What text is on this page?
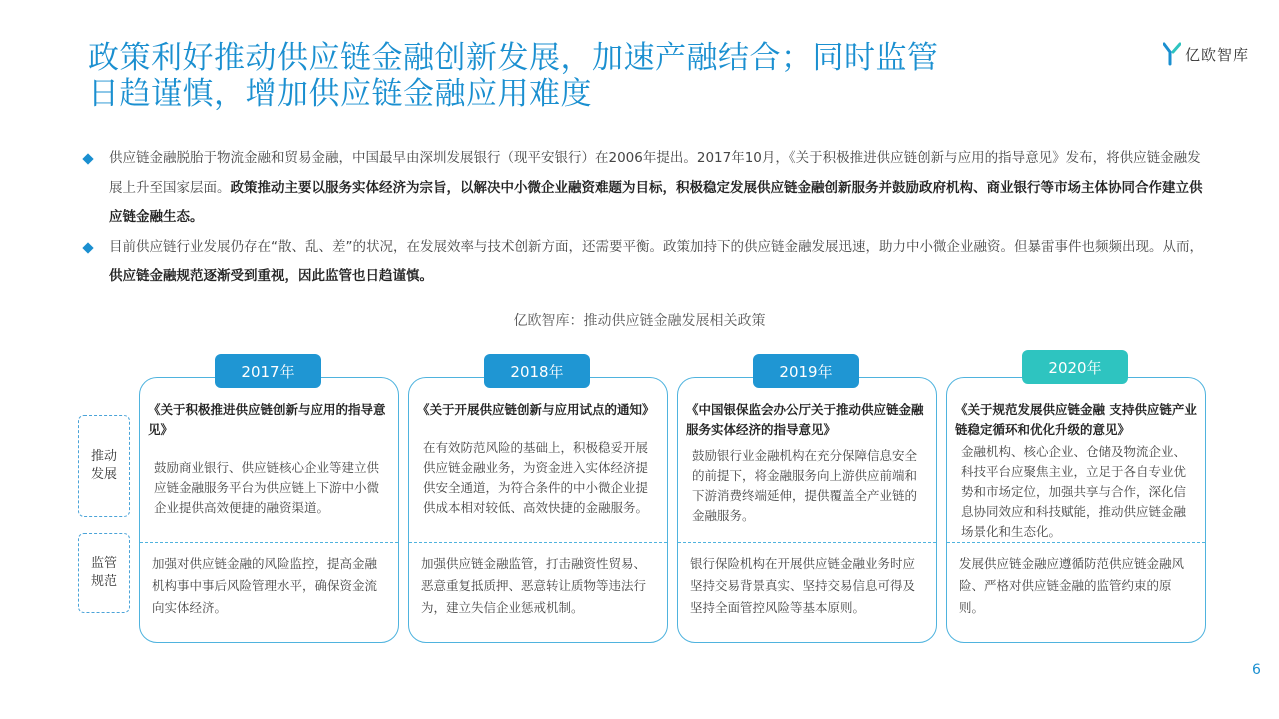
政策利好推动供应链金融创新发展，加速产融结合；同时监管
日趋谨慎，增加供应链金融应用难度
亿欧智库
供应链金融脱胎于物流金融和贸易金融，中国最早由深圳发展银行（现平安银行）在2006年提出。2017年10月，《关于积极推进供应链创新与应用的指导意见》发布，将供应链金融发展上升至国家层面。政策推动主要以服务实体经济为宗旨，以解决中小微企业融资难题为目标，积极稳定发展供应链金融创新服务并鼓励政府机构、商业银行等市场主体协同合作建立供应链金融生态。
目前供应链行业发展仍存在“散、乱、差”的状况，在发展效率与技术创新方面，还需要平衡。政策加持下的供应链金融发展迅速，助力中小微企业融资。但暴雷事件也频频出现。从而，供应链金融规范逐渐受到重视，因此监管也日趋谨慎。
亿欧智库：推动供应链金融发展相关政策
推动发展
监管规范
《关于积极推进供应链创新与应用的指导意见》
鼓励商业银行、供应链核心企业等建立供应链金融服务平台为供应链上下游中小微企业提供高效便捷的融资渠道。
加强对供应链金融的风险监控，提高金融机构事中事后风险管理水平，确保资金流向实体经济。
2017年
《关于开展供应链创新与应用试点的通知》
在有效防范风险的基础上，积极稳妥开展供应链金融业务，为资金进入实体经济提供安全通道，为符合条件的中小微企业提供成本相对较低、高效快捷的金融服务。
加强供应链金融监管，打击融资性贸易、恶意重复抵质押、恶意转让质物等违法行为，建立失信企业惩戒机制。
2018年
《中国银保监会办公厅关于推动供应链金融服务实体经济的指导意见》
鼓励银行业金融机构在充分保障信息安全的前提下，将金融服务向上游供应前端和下游消费终端延伸，提供覆盖全产业链的金融服务。
银行保险机构在开展供应链金融业务时应坚持交易背景真实、坚持交易信息可得及坚持全面管控风险等基本原则。
2019年
《关于规范发展供应链金融 支持供应链产业链稳定循环和优化升级的意见》
金融机构、核心企业、仓储及物流企业、科技平台应聚焦主业，立足于各自专业优势和市场定位，加强共享与合作，深化信息协同效应和科技赋能，推动供应链金融场景化和生态化。
发展供应链金融应遵循防范供应链金融风险、严格对供应链金融的监管约束的原则。
2020年
6
